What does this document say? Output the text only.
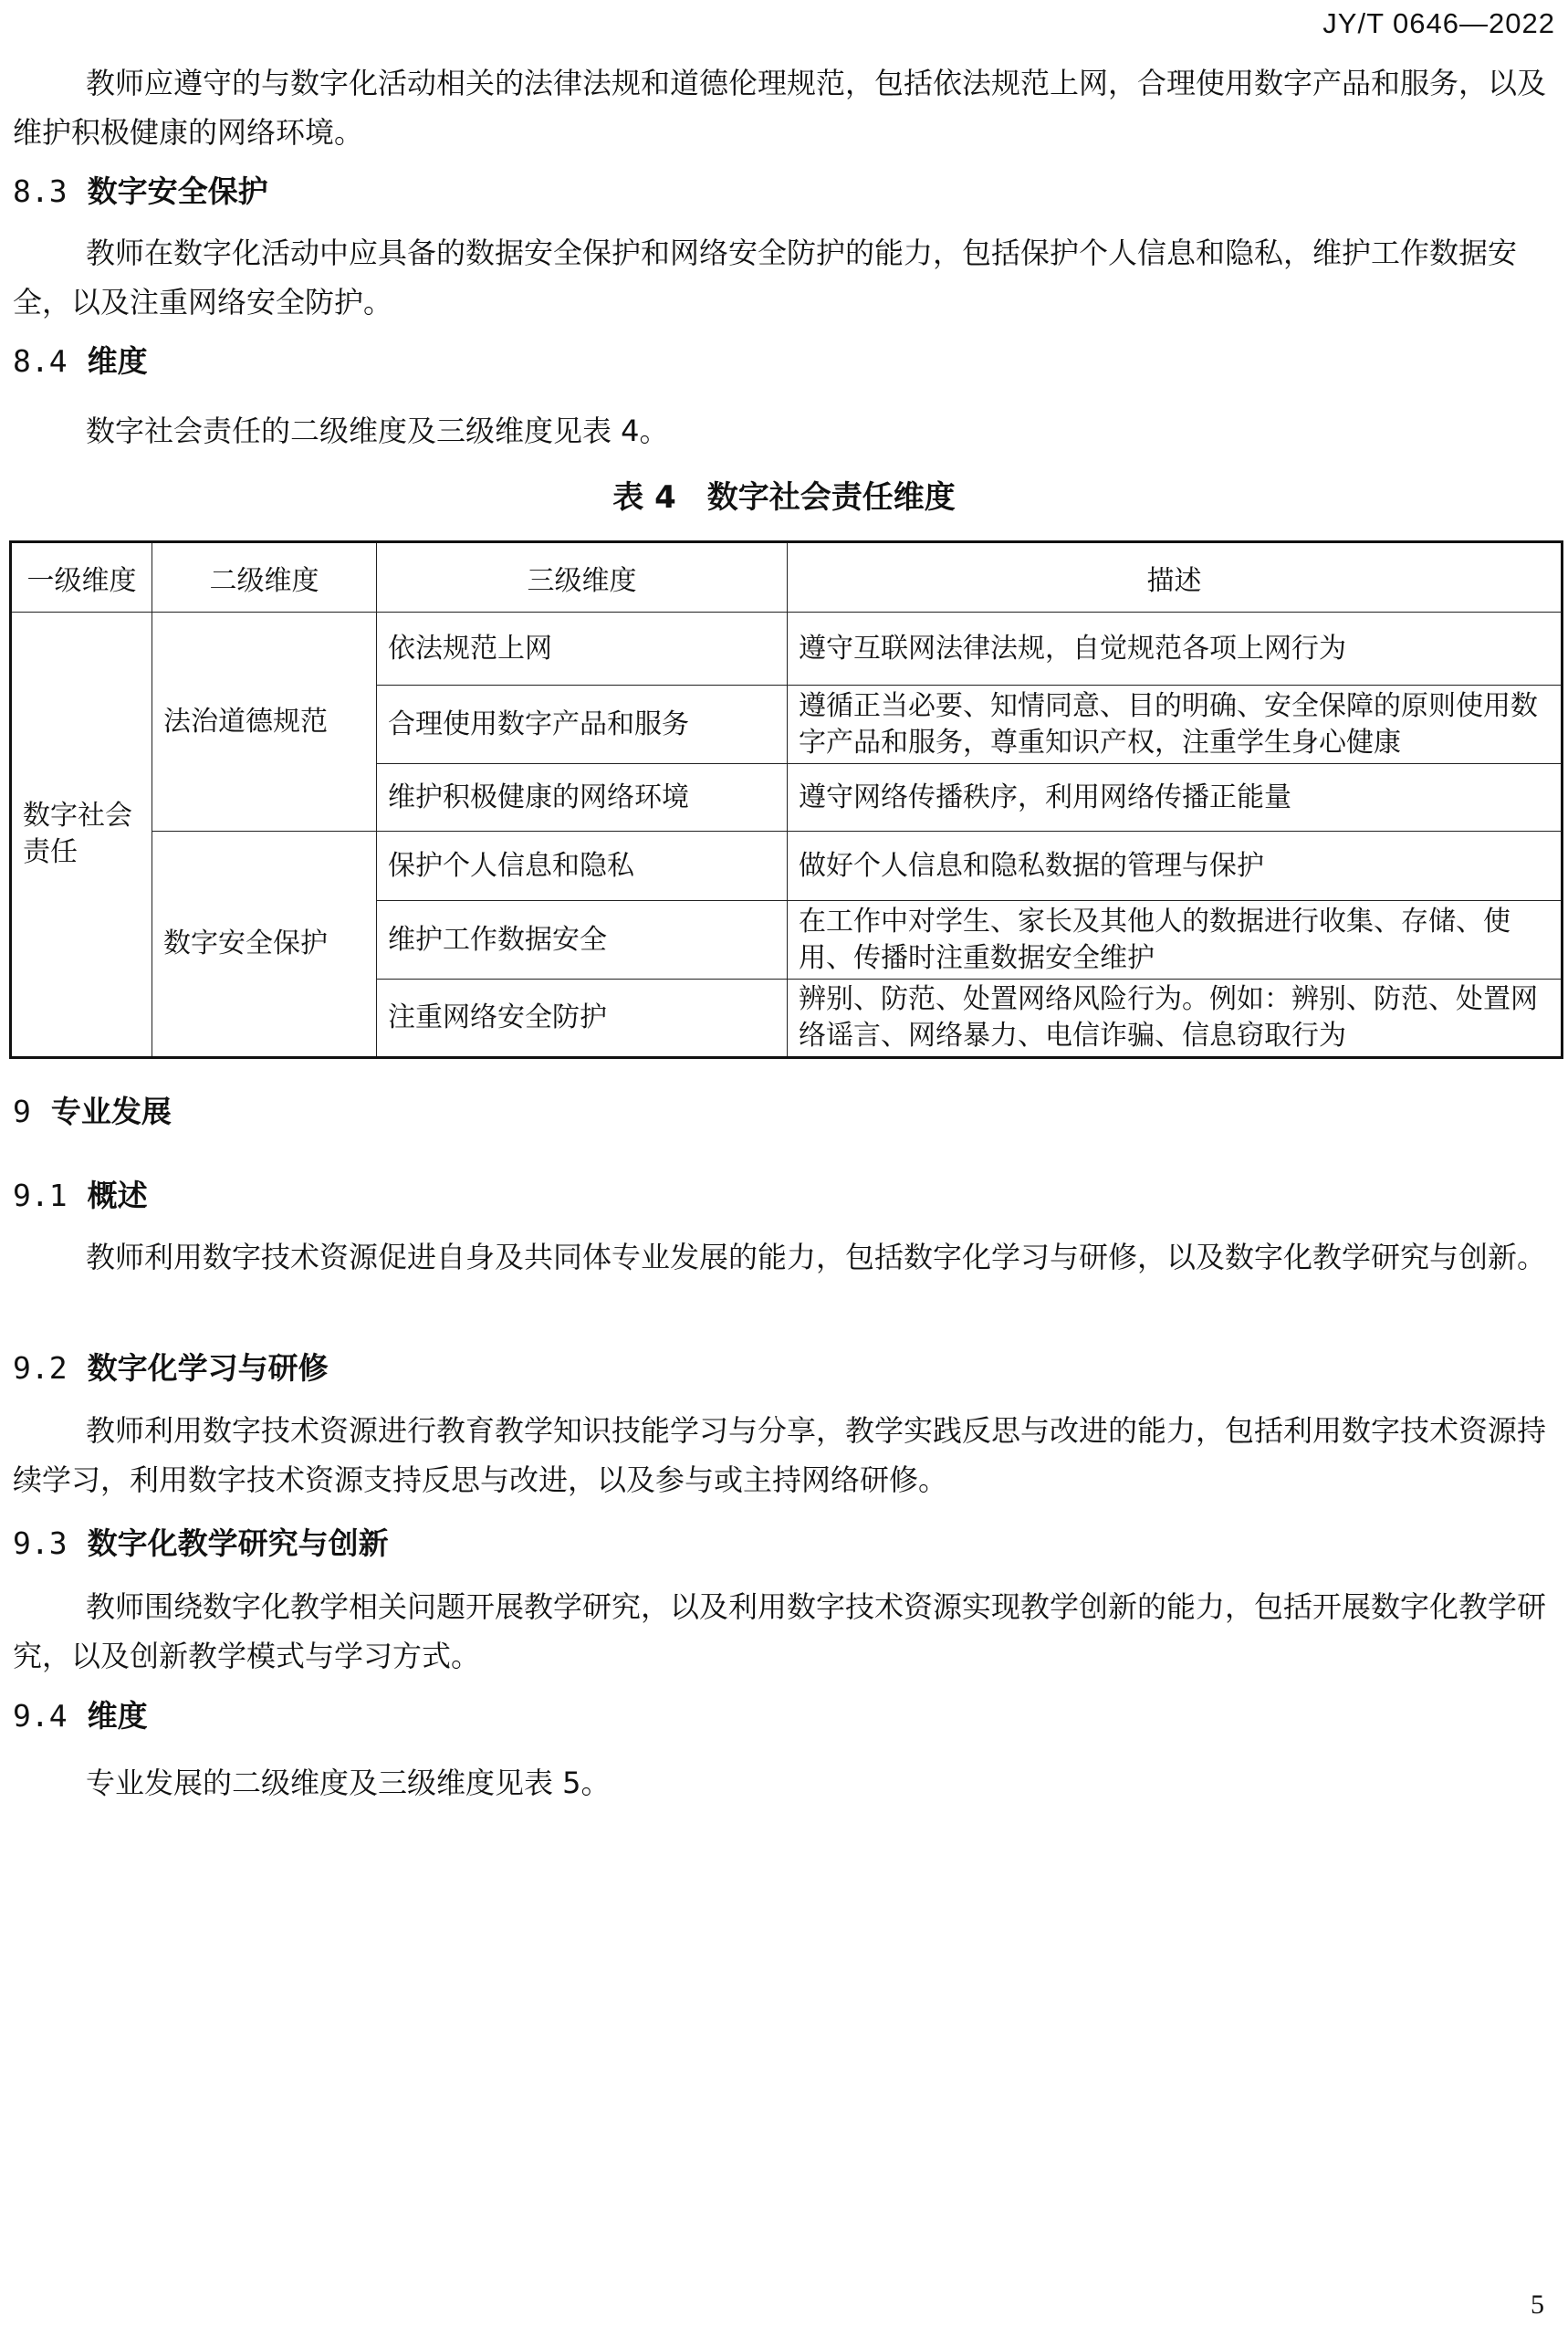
JY/T 0646—2022
教师应遵守的与数字化活动相关的法律法规和道德伦理规范，包括依法规范上网，合理使用数字产品和服务，以及维护积极健康的网络环境。
8.3 数字安全保护
教师在数字化活动中应具备的数据安全保护和网络安全防护的能力，包括保护个人信息和隐私，维护工作数据安全，以及注重网络安全防护。
8.4 维度
数字社会责任的二级维度及三级维度见表 4。
表 4　数字社会责任维度
一级维度	二级维度	三级维度	描述
数字社会责任	法治道德规范	依法规范上网	遵守互联网法律法规，自觉规范各项上网行为
		合理使用数字产品和服务	遵循正当必要、知情同意、目的明确、安全保障的原则使用数字产品和服务，尊重知识产权，注重学生身心健康
		维护积极健康的网络环境	遵守网络传播秩序，利用网络传播正能量
	数字安全保护	保护个人信息和隐私	做好个人信息和隐私数据的管理与保护
		维护工作数据安全	在工作中对学生、家长及其他人的数据进行收集、存储、使用、传播时注重数据安全维护
		注重网络安全防护	辨别、防范、处置网络风险行为。例如：辨别、防范、处置网络谣言、网络暴力、电信诈骗、信息窃取行为
9 专业发展
9.1 概述
教师利用数字技术资源促进自身及共同体专业发展的能力，包括数字化学习与研修，以及数字化教学研究与创新。
9.2 数字化学习与研修
教师利用数字技术资源进行教育教学知识技能学习与分享，教学实践反思与改进的能力，包括利用数字技术资源持续学习，利用数字技术资源支持反思与改进，以及参与或主持网络研修。
9.3 数字化教学研究与创新
教师围绕数字化教学相关问题开展教学研究，以及利用数字技术资源实现教学创新的能力，包括开展数字化教学研究，以及创新教学模式与学习方式。
9.4 维度
专业发展的二级维度及三级维度见表 5。
5
